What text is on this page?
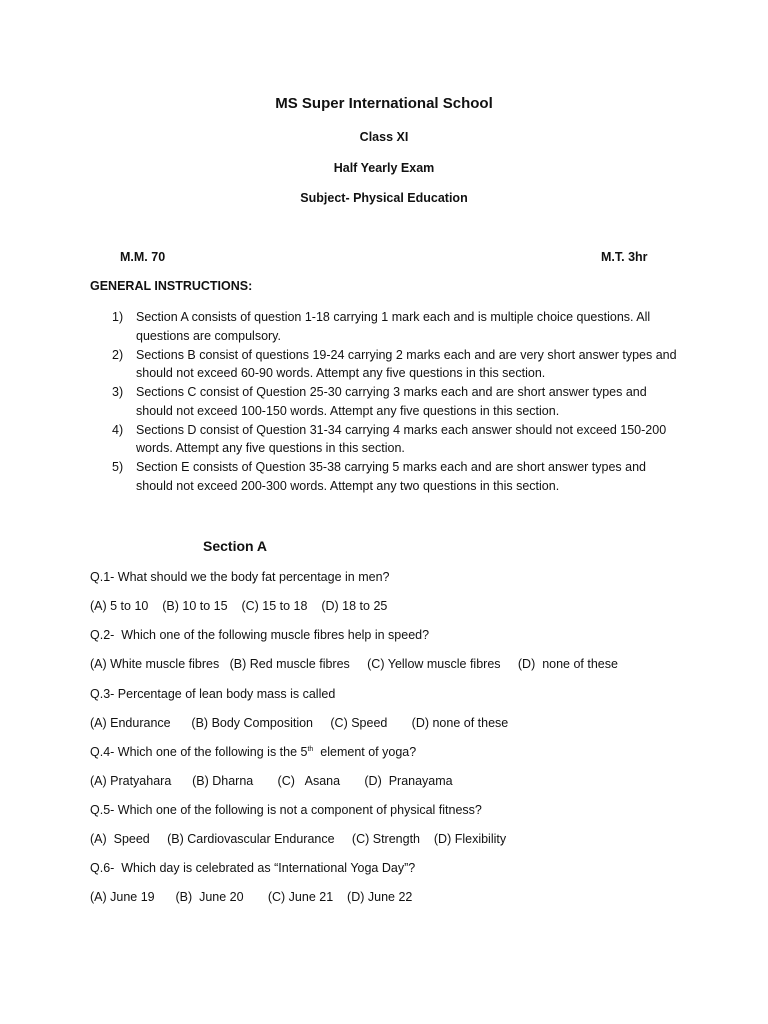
MS Super International School
Class XI
Half Yearly Exam
Subject- Physical Education
M.M. 70	M.T. 3hr
GENERAL INSTRUCTIONS:
1) Section A consists of question 1-18 carrying 1 mark each and is multiple choice questions. All questions are compulsory.
2) Sections B consist of questions 19-24 carrying 2 marks each and are very short answer types and should not exceed 60-90 words. Attempt any five questions in this section.
3) Sections C consist of Question 25-30 carrying 3 marks each and are short answer types and should not exceed 100-150 words. Attempt any five questions in this section.
4) Sections D consist of Question 31-34 carrying 4 marks each answer should not exceed 150-200 words. Attempt any five questions in this section.
5) Section E consists of Question 35-38 carrying 5 marks each and are short answer types and should not exceed 200-300 words. Attempt any two questions in this section.
Section A
Q.1- What should we the body fat percentage in men?
(A) 5 to 10    (B) 10 to 15    (C) 15 to 18    (D) 18 to 25
Q.2-  Which one of the following muscle fibres help in speed?
(A) White muscle fibres   (B) Red muscle fibres     (C) Yellow muscle fibres     (D)  none of these
Q.3- Percentage of lean body mass is called
(A) Endurance      (B) Body Composition     (C) Speed       (D) none of these
Q.4- Which one of the following is the 5th  element of yoga?
(A) Pratyahara      (B) Dharna       (C)   Asana       (D)  Pranayama
Q.5- Which one of the following is not a component of physical fitness?
(A)  Speed     (B) Cardiovascular Endurance     (C) Strength    (D) Flexibility
Q.6-  Which day is celebrated as “International Yoga Day”?
(A) June 19      (B)  June 20       (C) June 21    (D) June 22
